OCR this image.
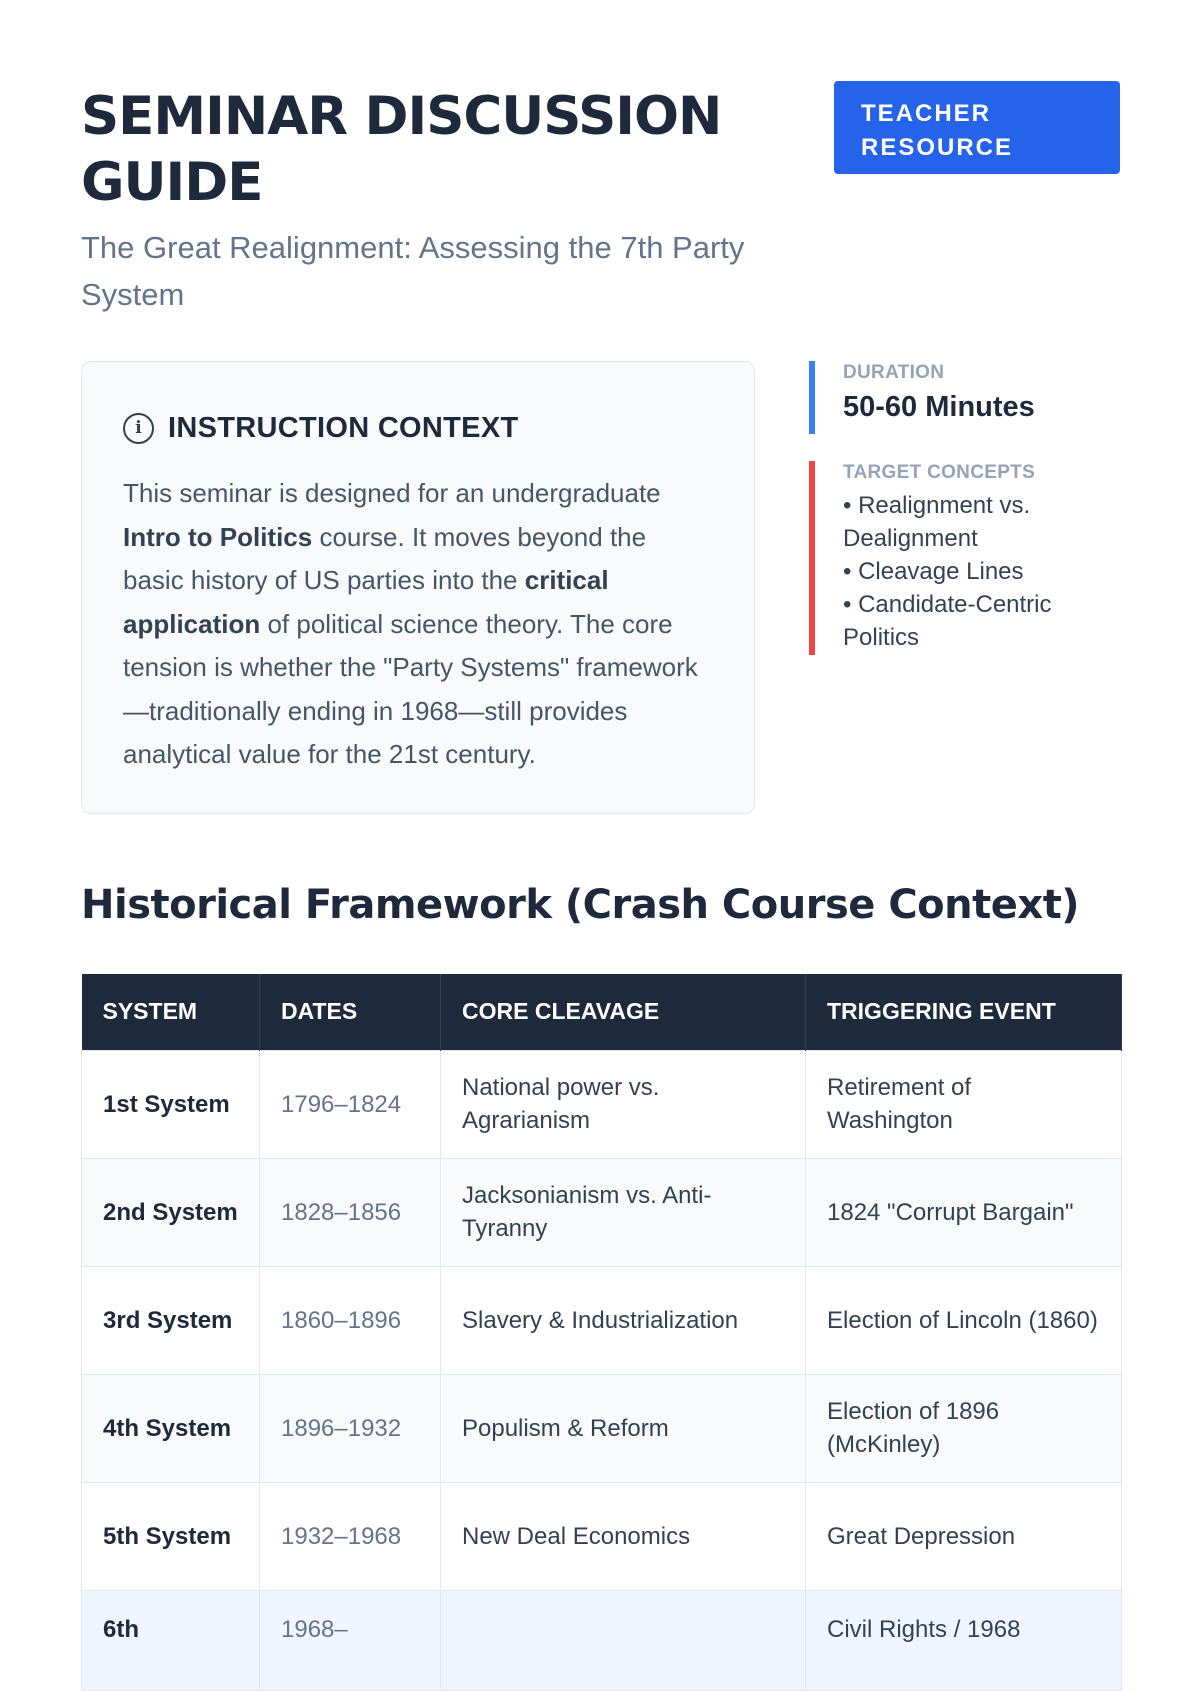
SEMINAR DISCUSSION
GUIDE
The Great Realignment: Assessing the 7th Party System
TEACHER RESOURCE
i INSTRUCTION CONTEXT
This seminar is designed for an undergraduate Intro to Politics course. It moves beyond the basic history of US parties into the critical application of political science theory. The core tension is whether the "Party Systems" framework—traditionally ending in 1968—still provides analytical value for the 21st century.
DURATION
50-60 Minutes
TARGET CONCEPTS
• Realignment vs. Dealignment
• Cleavage Lines
• Candidate-Centric Politics
Historical Framework (Crash Course Context)
SYSTEM	DATES	CORE CLEAVAGE	TRIGGERING EVENT
1st System	1796–1824	National power vs. Agrarianism	Retirement of Washington
2nd System	1828–1856	Jacksonianism vs. Anti-Tyranny	1824 "Corrupt Bargain"
3rd System	1860–1896	Slavery & Industrialization	Election of Lincoln (1860)
4th System	1896–1932	Populism & Reform	Election of 1896 (McKinley)
5th System	1932–1968	New Deal Economics	Great Depression
6th	1968–		Civil Rights / 1968
